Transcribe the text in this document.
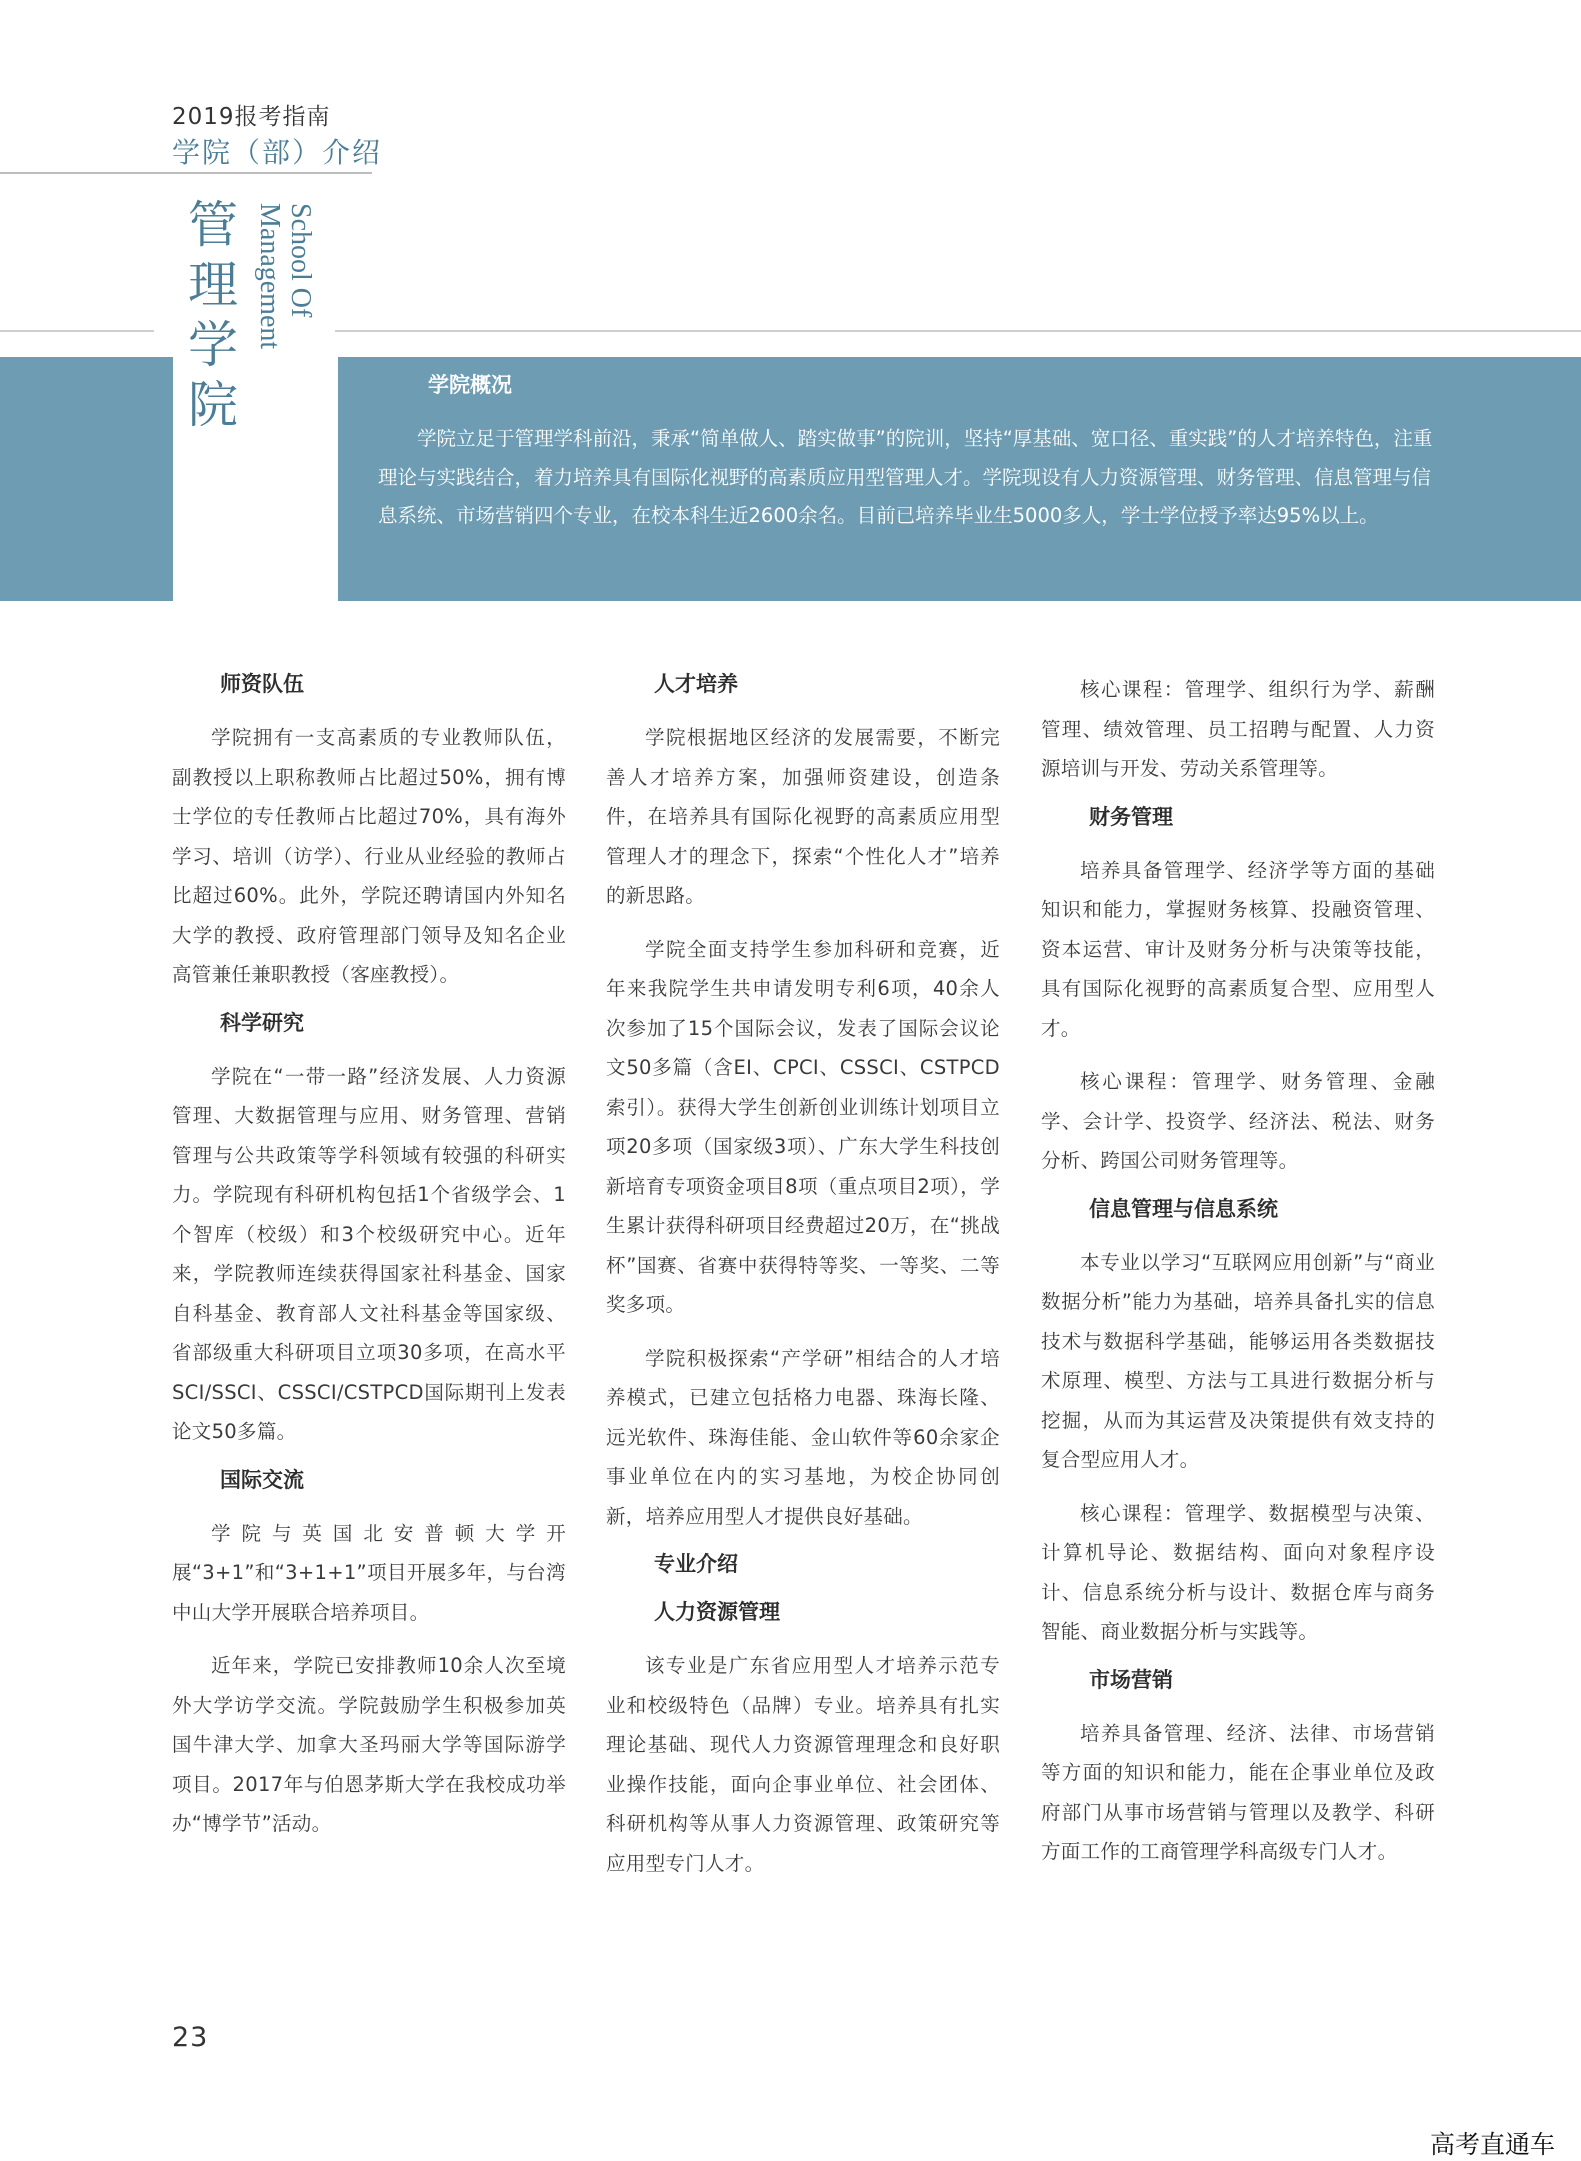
2019报考指南
学院（部）介绍
管
理
学
院
School Of
Management
学院概况
学院立足于管理学科前沿，秉承“简单做人、踏实做事”的院训，坚持“厚基础、宽口径、重实践”的人才培养特色，注重理论与实践结合，着力培养具有国际化视野的高素质应用型管理人才。学院现设有人力资源管理、财务管理、信息管理与信息系统、市场营销四个专业，在校本科生近2600余名。目前已培养毕业生5000多人，学士学位授予率达95%以上。
师资队伍
学院拥有一支高素质的专业教师队伍，副教授以上职称教师占比超过50%，拥有博士学位的专任教师占比超过70%，具有海外学习、培训（访学）、行业从业经验的教师占比超过60%。此外，学院还聘请国内外知名大学的教授、政府管理部门领导及知名企业高管兼任兼职教授（客座教授）。
科学研究
学院在“一带一路”经济发展、人力资源管理、大数据管理与应用、财务管理、营销管理与公共政策等学科领域有较强的科研实力。学院现有科研机构包括1个省级学会、1个智库（校级）和3个校级研究中心。近年来，学院教师连续获得国家社科基金、国家自科基金、教育部人文社科基金等国家级、省部级重大科研项目立项30多项，在高水平SCI/SSCI、CSSCI/CSTPCD国际期刊上发表论文50多篇。
国际交流
学院与英国北安普顿大学开展“3+1”和“3+1+1”项目开展多年，与台湾中山大学开展联合培养项目。
近年来，学院已安排教师10余人次至境外大学访学交流。学院鼓励学生积极参加英国牛津大学、加拿大圣玛丽大学等国际游学项目。2017年与伯恩茅斯大学在我校成功举办“博学节”活动。
人才培养
学院根据地区经济的发展需要，不断完善人才培养方案，加强师资建设，创造条件，在培养具有国际化视野的高素质应用型管理人才的理念下，探索“个性化人才”培养的新思路。
学院全面支持学生参加科研和竞赛，近年来我院学生共申请发明专利6项，40余人次参加了15个国际会议，发表了国际会议论文50多篇（含EI、CPCI、CSSCI、CSTPCD索引）。获得大学生创新创业训练计划项目立项20多项（国家级3项）、广东大学生科技创新培育专项资金项目8项（重点项目2项），学生累计获得科研项目经费超过20万，在“挑战杯”国赛、省赛中获得特等奖、一等奖、二等奖多项。
学院积极探索“产学研”相结合的人才培养模式，已建立包括格力电器、珠海长隆、远光软件、珠海佳能、金山软件等60余家企事业单位在内的实习基地，为校企协同创新，培养应用型人才提供良好基础。
专业介绍
人力资源管理
该专业是广东省应用型人才培养示范专业和校级特色（品牌）专业。培养具有扎实理论基础、现代人力资源管理理念和良好职业操作技能，面向企事业单位、社会团体、科研机构等从事人力资源管理、政策研究等应用型专门人才。
核心课程：管理学、组织行为学、薪酬管理、绩效管理、员工招聘与配置、人力资源培训与开发、劳动关系管理等。
财务管理
培养具备管理学、经济学等方面的基础知识和能力，掌握财务核算、投融资管理、资本运营、审计及财务分析与决策等技能，具有国际化视野的高素质复合型、应用型人才。
核心课程：管理学、财务管理、金融学、会计学、投资学、经济法、税法、财务分析、跨国公司财务管理等。
信息管理与信息系统
本专业以学习“互联网应用创新”与“商业数据分析”能力为基础，培养具备扎实的信息技术与数据科学基础，能够运用各类数据技术原理、模型、方法与工具进行数据分析与挖掘，从而为其运营及决策提供有效支持的复合型应用人才。
核心课程：管理学、数据模型与决策、计算机导论、数据结构、面向对象程序设计、信息系统分析与设计、数据仓库与商务智能、商业数据分析与实践等。
市场营销
培养具备管理、经济、法律、市场营销等方面的知识和能力，能在企事业单位及政府部门从事市场营销与管理以及教学、科研方面工作的工商管理学科高级专门人才。
23
高考直通车
